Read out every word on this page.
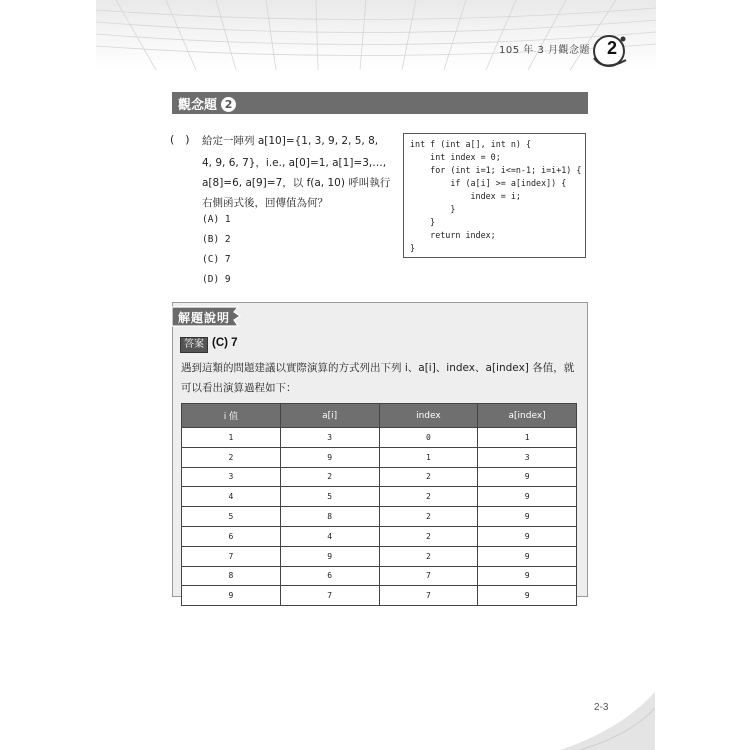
105 年 3 月觀念題 2
觀念題 2
(　) 給定一陣列 a[10]={1, 3, 9, 2, 5, 8,
4, 9, 6, 7}，i.e., a[0]=1, a[1]=3,…,
a[8]=6, a[9]=7，以 f(a, 10) 呼叫執行
右側函式後，回傳值為何？
(A) 1
(B) 2
(C) 7
(D) 9
int f (int a[], int n) {
int index = 0;
for (int i=1; i<=n-1; i=i+1) {
if (a[i] >= a[index]) {
index = i;
}
}
return index;
}
解題說明
答案 (C) 7
遇到這類的問題建議以實際演算的方式列出下列 i、a[i]、index、a[index] 各值，就
可以看出演算過程如下：
i 值	a[i]	index	a[index]
1	3	0	1
2	9	1	3
3	2	2	9
4	5	2	9
5	8	2	9
6	4	2	9
7	9	2	9
8	6	7	9
9	7	7	9
2-3
